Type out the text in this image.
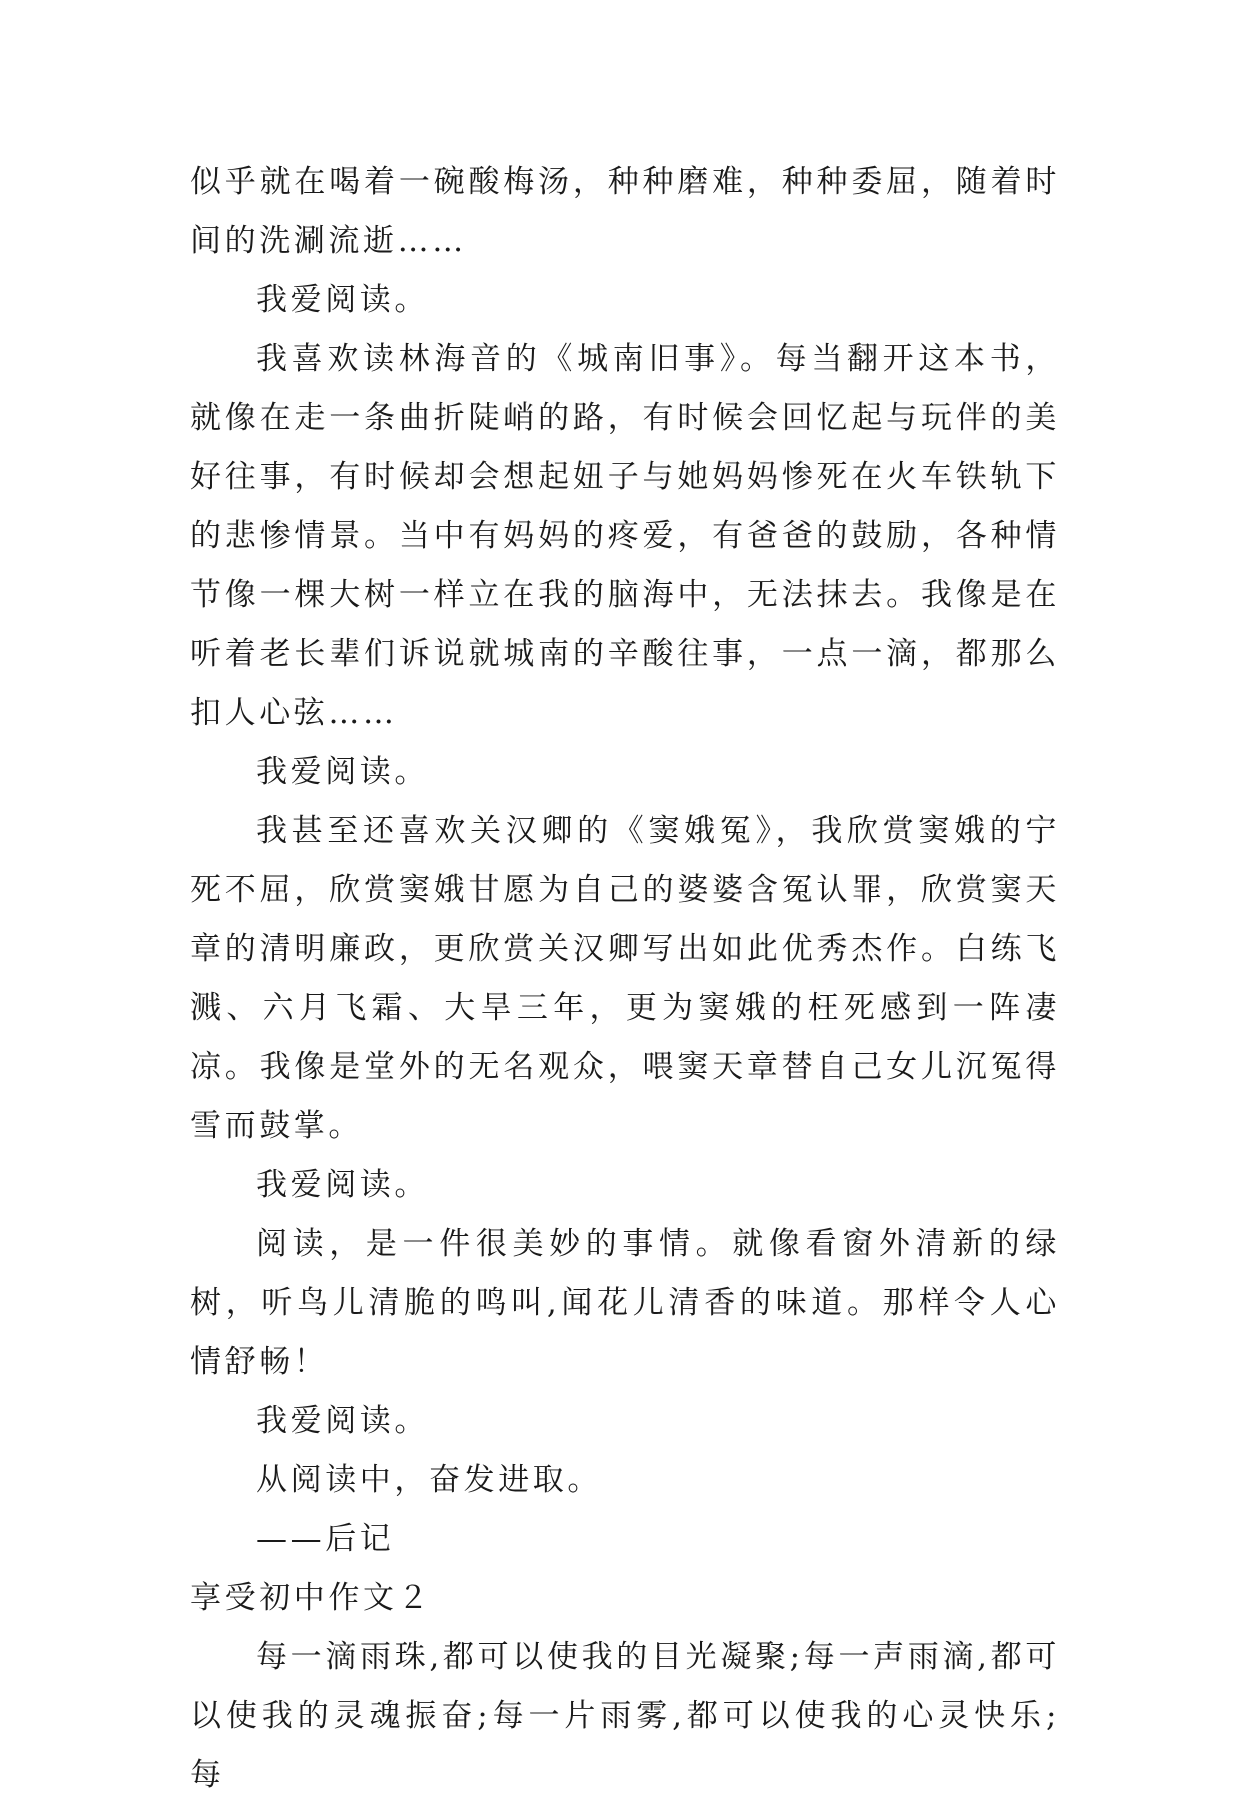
似乎就在喝着一碗酸梅汤，种种磨难，种种委屈，随着时间的洗涮流逝……

我爱阅读。

我喜欢读林海音的《城南旧事》。每当翻开这本书，就像在走一条曲折陡峭的路，有时候会回忆起与玩伴的美好往事，有时候却会想起妞子与她妈妈惨死在火车铁轨下的悲惨情景。当中有妈妈的疼爱，有爸爸的鼓励，各种情节像一棵大树一样立在我的脑海中，无法抹去。我像是在听着老长辈们诉说就城南的辛酸往事，一点一滴，都那么扣人心弦……

我爱阅读。

我甚至还喜欢关汉卿的《窦娥冤》，我欣赏窦娥的宁死不屈，欣赏窦娥甘愿为自己的婆婆含冤认罪，欣赏窦天章的清明廉政，更欣赏关汉卿写出如此优秀杰作。白练飞溅、六月飞霜、大旱三年，更为窦娥的枉死感到一阵凄凉。我像是堂外的无名观众，喂窦天章替自己女儿沉冤得雪而鼓掌。

我爱阅读。

阅读，是一件很美妙的事情。就像看窗外清新的绿树，听鸟儿清脆的鸣叫,闻花儿清香的味道。那样令人心情舒畅！

我爱阅读。

从阅读中，奋发进取。

——后记

享受初中作文２

每一滴雨珠,都可以使我的目光凝聚;每一声雨滴,都可以使我的灵魂振奋;每一片雨雾,都可以使我的心灵快乐;每
